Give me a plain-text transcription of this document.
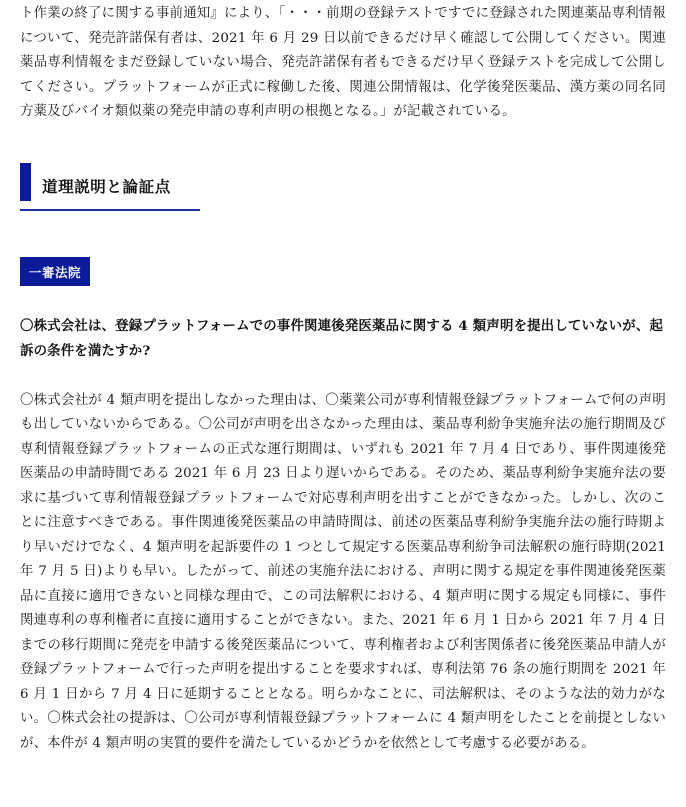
ト作業の終了に関する事前通知』により、「・・・前期の登録テストですでに登録された関連薬品専利情報について、発売許諾保有者は、2021 年 6 月 29 日以前できるだけ早く確認して公開してください。関連薬品専利情報をまだ登録していない場合、発売許諾保有者もできるだけ早く登録テストを完成して公開してください。プラットフォームが正式に稼働した後、関連公開情報は、化学後発医薬品、漢方薬の同名同方薬及びバイオ類似薬の発売申請の専利声明の根拠となる。」が記載されている。

道理説明と論証点
一審法院

〇株式会社は、登録プラットフォームでの事件関連後発医薬品に関する 4 類声明を提出していないが、起訴の条件を満たすか?

〇株式会社が 4 類声明を提出しなかった理由は、〇薬業公司が専利情報登録プラットフォームで何の声明も出していないからである。〇公司が声明を出さなかった理由は、薬品専利紛争実施弁法の施行期間及び専利情報登録プラットフォームの正式な運行期間は、いずれも 2021 年 7 月 4 日であり、事件関連後発医薬品の申請時間である 2021 年 6 月 23 日より遅いからである。そのため、薬品専利紛争実施弁法の要求に基づいて専利情報登録プラットフォームで対応専利声明を出すことができなかった。しかし、次のことに注意すべきである。事件関連後発医薬品の申請時間は、前述の医薬品専利紛争実施弁法の施行時期より早いだけでなく、4 類声明を起訴要件の 1 つとして規定する医薬品専利紛争司法解釈の施行時期(2021 年 7 月 5 日)よりも早い。したがって、前述の実施弁法における、声明に関する規定を事件関連後発医薬品に直接に適用できないと同様な理由で、この司法解釈における、4 類声明に関する規定も同様に、事件関連専利の専利権者に直接に適用することができない。また、2021 年 6 月 1 日から 2021 年 7 月 4 日までの移行期間に発売を申請する後発医薬品について、専利権者および利害関係者に後発医薬品申請人が登録プラットフォームで行った声明を提出することを要求すれば、専利法第 76 条の施行期間を 2021 年 6 月 1 日から 7 月 4 日に延期することとなる。明らかなことに、司法解釈は、そのような法的効力がない。〇株式会社の提訴は、〇公司が専利情報登録プラットフォームに 4 類声明をしたことを前提としないが、本件が 4 類声明の実質的要件を満たしているかどうかを依然として考慮する必要がある。
